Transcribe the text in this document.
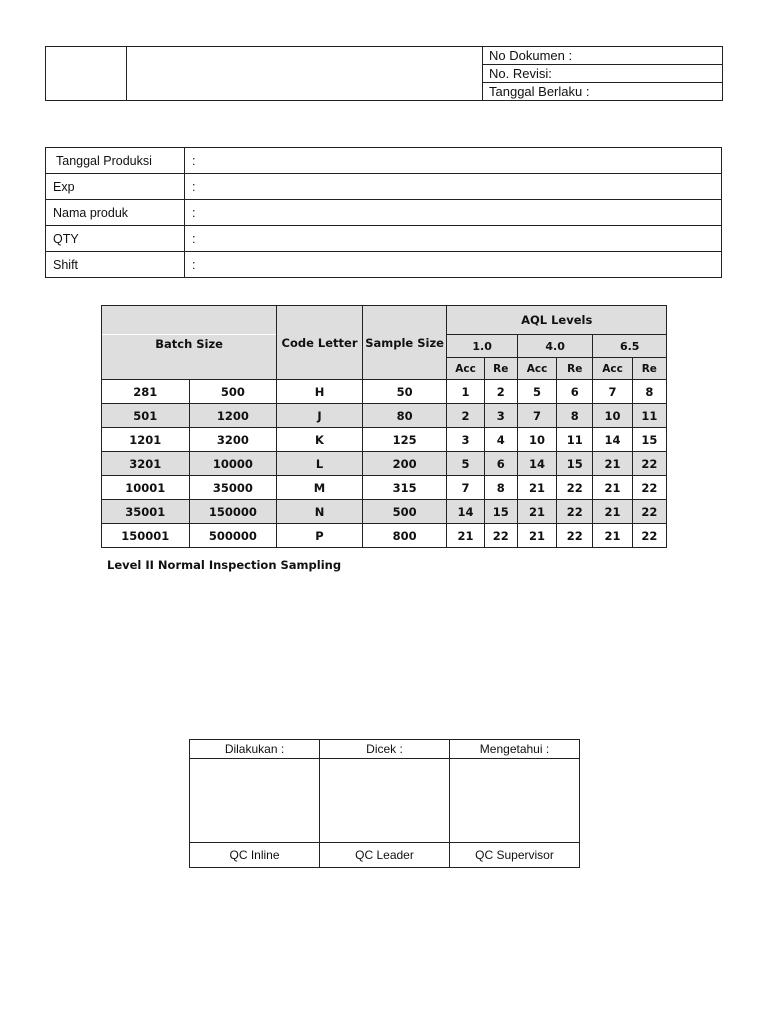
		No Dokumen :
No. Revisi:
Tanggal Berlaku :
Tanggal Produksi	:
Exp	:
Nama produk	:
QTY	:
Shift	:
		Code Letter	Sample Size	AQL Levels					
Batch Size				1.0		4.0		6.5	
				Acc	Re	Acc	Re	Acc	Re
281	500	H	50	1	2	5	6	7	8
501	1200	J	80	2	3	7	8	10	11
1201	3200	K	125	3	4	10	11	14	15
3201	10000	L	200	5	6	14	15	21	22
10001	35000	M	315	7	8	21	22	21	22
35001	150000	N	500	14	15	21	22	21	22
150001	500000	P	800	21	22	21	22	21	22
Level II Normal Inspection Sampling
Dilakukan :	Dicek :	Mengetahui :

QC Inline	QC Leader	QC Supervisor
